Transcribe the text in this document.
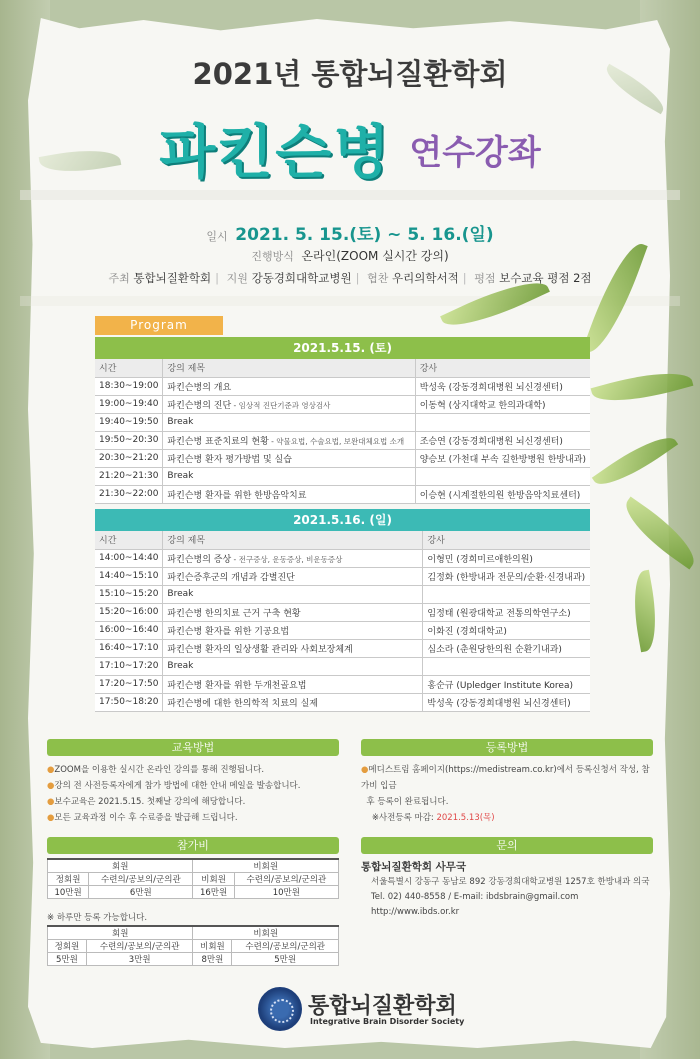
2021년 통합뇌질환학회
파킨슨병 연수강좌
일시 2021. 5. 15.(토) ~ 5. 16.(일)
진행방식 온라인(ZOOM 실시간 강의)
주최 통합뇌질환학회 | 지원 강동경희대학교병원 | 협찬 우리의학서적 | 평점 보수교육 평점 2점
Program
2021.5.15. (토)
시간	강의 제목	강사
18:30~19:00	파킨슨병의 개요	박성욱 (강동경희대병원 뇌신경센터)
19:00~19:40	파킨슨병의 진단 - 임상적 진단기준과 영상검사	이동혁 (상지대학교 한의과대학)
19:40~19:50	Break	
19:50~20:30	파킨슨병 표준치료의 현황 - 약물요법, 수술요법, 보완대체요법 소개	조승연 (강동경희대병원 뇌신경센터)
20:30~21:20	파킨슨병 환자 평가방법 및 실습	양승보 (가천대 부속 길한방병원 한방내과)
21:20~21:30	Break	
21:30~22:00	파킨슨병 환자를 위한 한방음악치료	이승현 (시계절한의원 한방음악치료센터)
2021.5.16. (일)
시간	강의 제목	강사
14:00~14:40	파킨슨병의 증상 - 전구증상, 운동증상, 비운동증상	이형민 (경희미르애한의원)
14:40~15:10	파킨슨증후군의 개념과 감별진단	김정화 (한방내과 전문의/순환·신경내과)
15:10~15:20	Break	
15:20~16:00	파킨슨병 한의치료 근거 구축 현황	임정태 (원광대학교 전통의학연구소)
16:00~16:40	파킨슨병 환자를 위한 기공요법	이화진 (경희대학교)
16:40~17:10	파킨슨병 환자의 일상생활 관리와 사회보장체계	심소라 (춘원당한의원 순환기내과)
17:10~17:20	Break	
17:20~17:50	파킨슨병 환자를 위한 두개천골요법	홍순규 (Upledger Institute Korea)
17:50~18:20	파킨슨병에 대한 한의학적 치료의 실제	박성욱 (강동경희대병원 뇌신경센터)
교육방법
●ZOOM을 이용한 실시간 온라인 강의를 통해 진행됩니다.
●강의 전 사전등록자에게 참가 방법에 대한 안내 메일을 발송합니다.
●보수교육은 2021.5.15. 첫째날 강의에 해당합니다.
●모든 교육과정 이수 후 수료증을 발급해 드립니다.
등록방법
●메디스트림 홈페이지(https://medistream.co.kr)에서 등록신청서 작성, 참가비 입금
후 등록이 완료됩니다.
※사전등록 마감: 2021.5.13(목)
참가비
회원		비회원	
정회원	수련의/공보의/군의관	비회원	수련의/공보의/군의관
10만원	6만원	16만원	10만원
※ 하루만 등록 가능합니다.
회원		비회원	
정회원	수련의/공보의/군의관	비회원	수련의/공보의/군의관
5만원	3만원	8만원	5만원
문의
통합뇌질환학회 사무국
서울특별시 강동구 동남로 892 강동경희대학교병원 1257호 한방내과 의국
Tel. 02) 440-8558 / E-mail: ibdsbrain@gmail.com
http://www.ibds.or.kr
통합뇌질환학회
Integrative Brain Disorder Society
